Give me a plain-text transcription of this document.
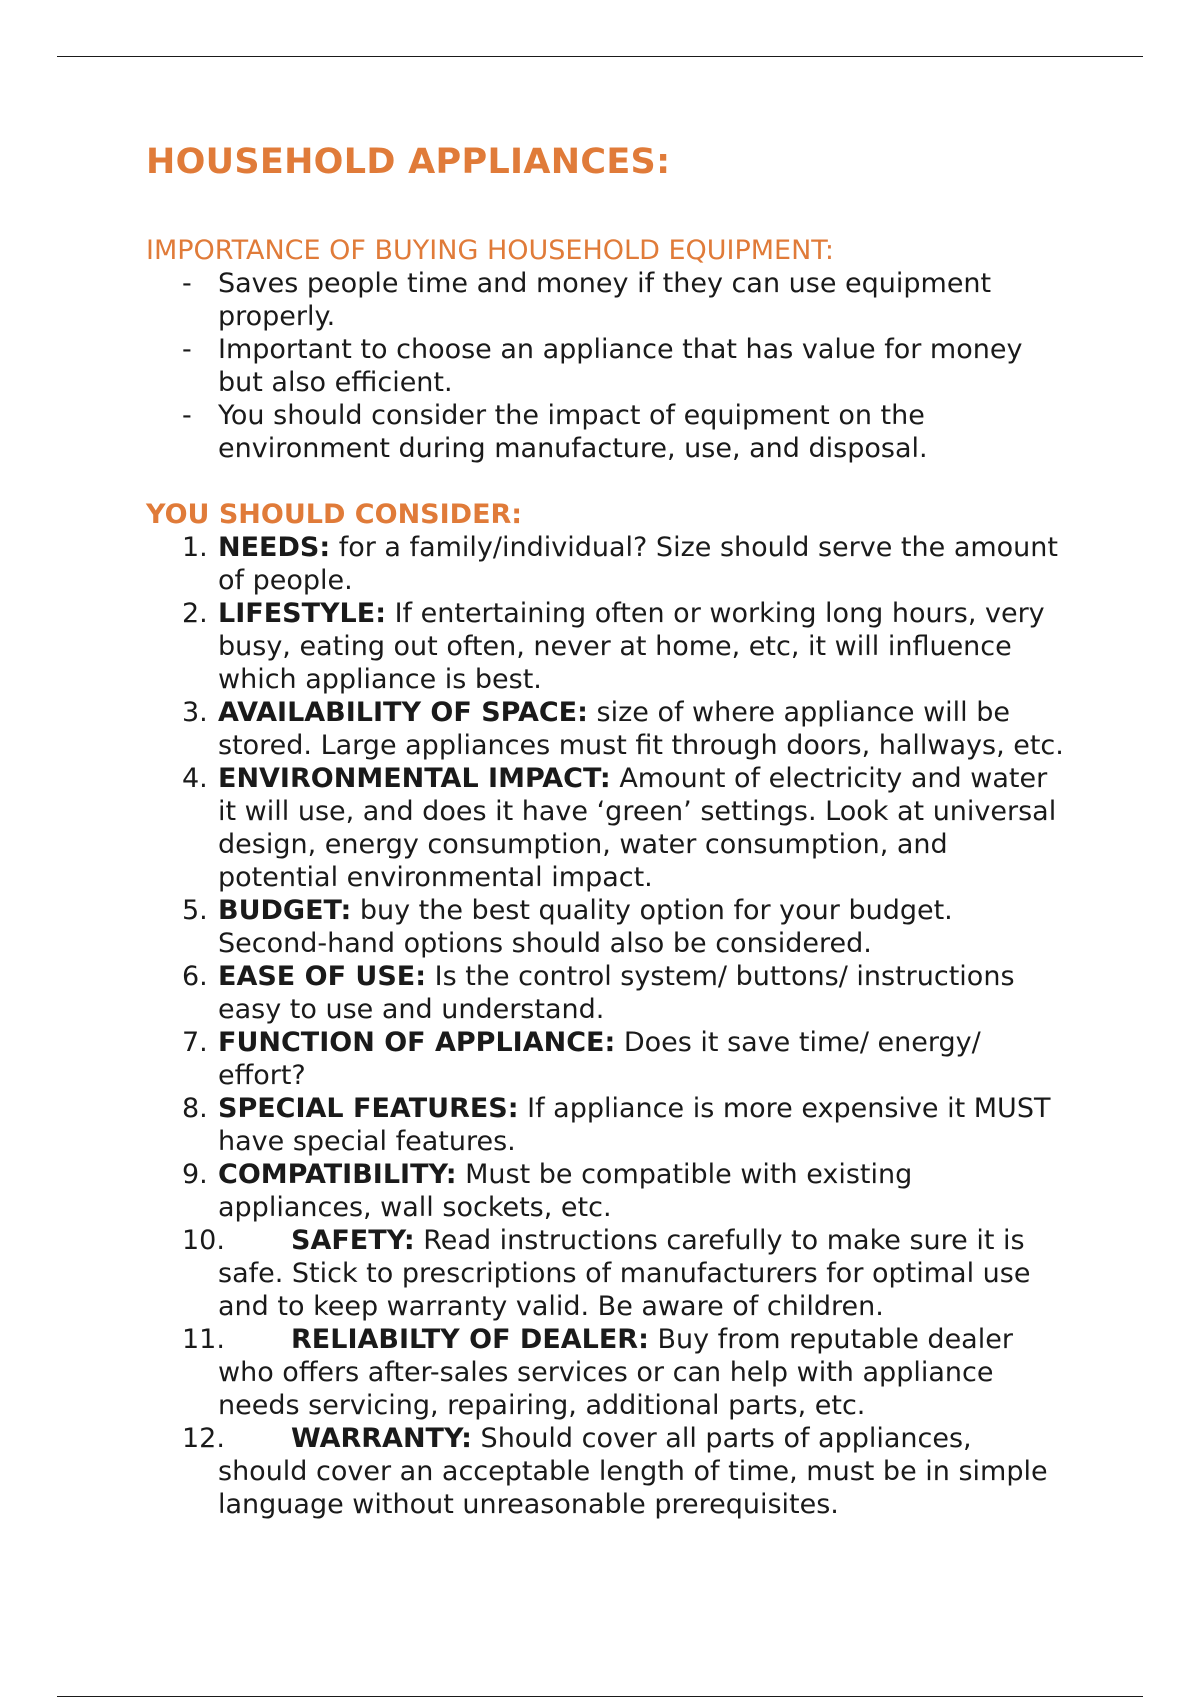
HOUSEHOLD APPLIANCES:
IMPORTANCE OF BUYING HOUSEHOLD EQUIPMENT:
- Saves people time and money if they can use equipment properly.
- Important to choose an appliance that has value for money but also efficient.
- You should consider the impact of equipment on the environment during manufacture, use, and disposal.
YOU SHOULD CONSIDER:
1. NEEDS: for a family/individual? Size should serve the amount of people.
2. LIFESTYLE: If entertaining often or working long hours, very busy, eating out often, never at home, etc, it will influence which appliance is best.
3. AVAILABILITY OF SPACE: size of where appliance will be stored. Large appliances must fit through doors, hallways, etc.
4. ENVIRONMENTAL IMPACT: Amount of electricity and water it will use, and does it have ‘green’ settings. Look at universal design, energy consumption, water consumption, and potential environmental impact.
5. BUDGET: buy the best quality option for your budget. Second-hand options should also be considered.
6. EASE OF USE: Is the control system/ buttons/ instructions easy to use and understand.
7. FUNCTION OF APPLIANCE: Does it save time/ energy/ effort?
8. SPECIAL FEATURES: If appliance is more expensive it MUST have special features.
9. COMPATIBILITY: Must be compatible with existing appliances, wall sockets, etc.
10. SAFETY: Read instructions carefully to make sure it is safe. Stick to prescriptions of manufacturers for optimal use and to keep warranty valid. Be aware of children.
11. RELIABILTY OF DEALER: Buy from reputable dealer who offers after-sales services or can help with appliance needs servicing, repairing, additional parts, etc.
12. WARRANTY: Should cover all parts of appliances, should cover an acceptable length of time, must be in simple language without unreasonable prerequisites.
